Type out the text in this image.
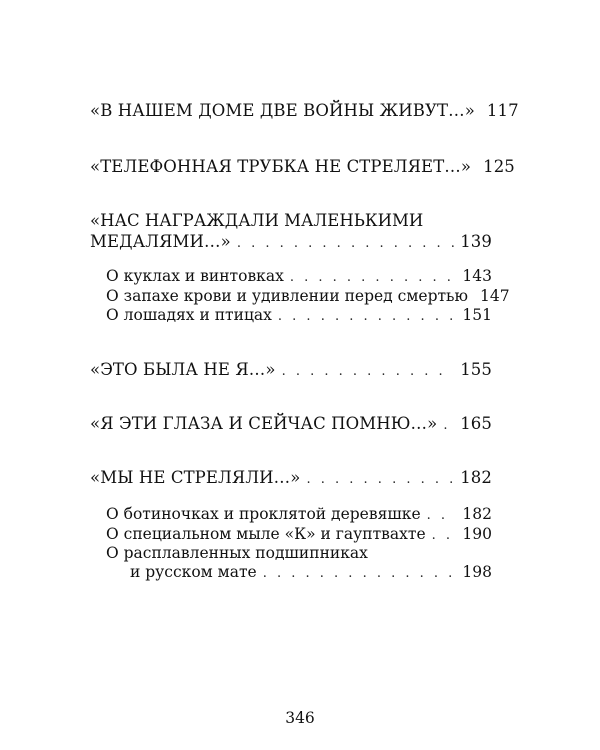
«В НАШЕМ ДОМЕ ДВЕ ВОЙНЫ ЖИВУТ…» 117
«ТЕЛЕФОННАЯ ТРУБКА НЕ СТРЕЛЯЕТ…» 125
«НАС НАГРАЖДАЛИ МАЛЕНЬКИМИ
МЕДАЛЯМИ…» . . .	139
О куклах и винтовках . . .	143
О запахе крови и удивлении перед смертью 147
О лошадях и птицах . . .	151
«ЭТО БЫЛА НЕ Я…» . . .	155
«Я ЭТИ ГЛАЗА И СЕЙЧАС ПОМНЮ…» . . . 165
«МЫ НЕ СТРЕЛЯЛИ…» . . .	182
О ботиночках и проклятой деревяшке . . .	182
О специальном мыле «К» и гауптвахте . . . 190
О расплавленных подшипниках
и русском мате . . .	198
346
